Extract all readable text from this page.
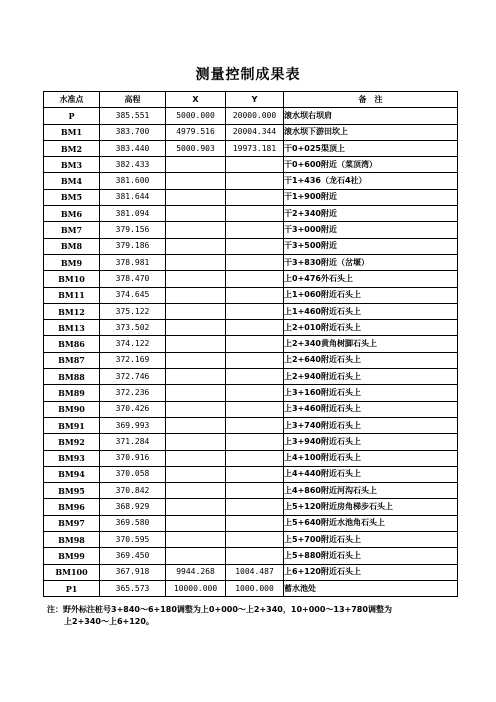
测量控制成果表
水准点	高程	X	Y	备　注
P	385.551	5000.000	20000.000	滚水坝右坝肩
BM1	383.700	4979.516	20004.344	滚水坝下游田坎上
BM2	383.440	5000.903	19973.181	干0+025渠顶上
BM3	382.433			干0+600附近（菜顶湾）
BM4	381.600			干1+436（龙石4社）
BM5	381.644			干1+900附近
BM6	381.094			干2+340附近
BM7	379.156			干3+000附近
BM8	379.186			干3+500附近
BM9	378.981			干3+830附近（岔堰）
BM10	378.470			上0+476外石头上
BM11	374.645			上1+060附近石头上
BM12	375.122			上1+460附近石头上
BM13	373.502			上2+010附近石头上
BM86	374.122			上2+340黄角树脚石头上
BM87	372.169			上2+640附近石头上
BM88	372.746			上2+940附近石头上
BM89	372.236			上3+160附近石头上
BM90	370.426			上3+460附近石头上
BM91	369.993			上3+740附近石头上
BM92	371.284			上3+940附近石头上
BM93	370.916			上4+100附近石头上
BM94	370.058			上4+440附近石头上
BM95	370.842			上4+860附近河沟石头上
BM96	368.929			上5+120附近房角梯步石头上
BM97	369.580			上5+640附近水池角石头上
BM98	370.595			上5+700附近石头上
BM99	369.450			上5+880附近石头上
BM100	367.918	9944.268	1004.487	上6+120附近石头上
P1	365.573	10000.000	1000.000	蓄水池处
注：野外标注桩号3+840～6+180调整为上0+000～上2+340，10+000～13+780调整为
上2+340～上6+120。
